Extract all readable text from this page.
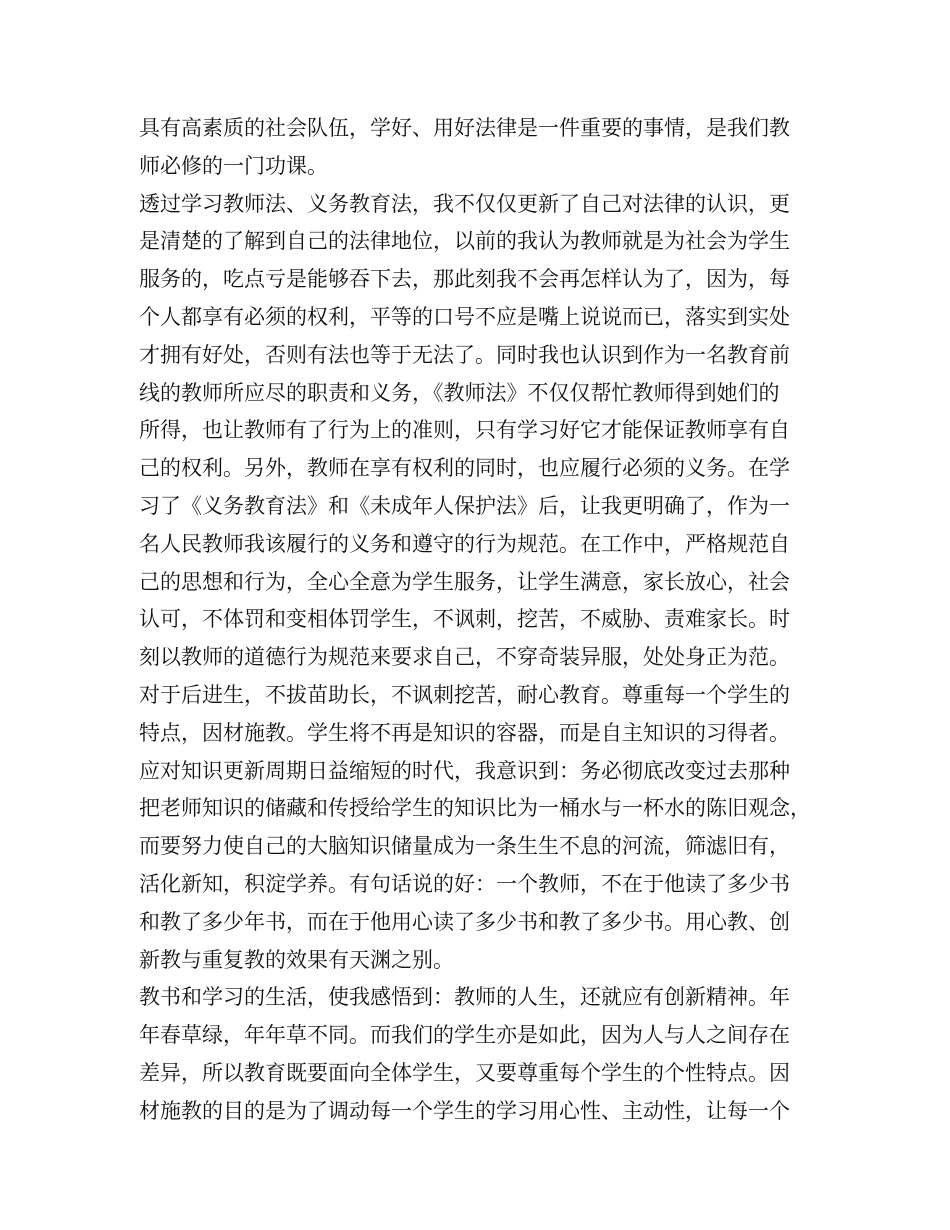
具有高素质的社会队伍，学好、用好法律是一件重要的事情，是我们教
师必修的一门功课。
透过学习教师法、义务教育法，我不仅仅更新了自己对法律的认识，更
是清楚的了解到自己的法律地位，以前的我认为教师就是为社会为学生
服务的，吃点亏是能够吞下去，那此刻我不会再怎样认为了，因为，每
个人都享有必须的权利，平等的口号不应是嘴上说说而已，落实到实处
才拥有好处，否则有法也等于无法了。同时我也认识到作为一名教育前
线的教师所应尽的职责和义务，《教师法》不仅仅帮忙教师得到她们的
所得，也让教师有了行为上的准则，只有学习好它才能保证教师享有自
己的权利。另外，教师在享有权利的同时，也应履行必须的义务。在学
习了《义务教育法》和《未成年人保护法》后，让我更明确了，作为一
名人民教师我该履行的义务和遵守的行为规范。在工作中，严格规范自
己的思想和行为，全心全意为学生服务，让学生满意，家长放心，社会
认可，不体罚和变相体罚学生，不讽刺，挖苦，不威胁、责难家长。时
刻以教师的道德行为规范来要求自己，不穿奇装异服，处处身正为范。
对于后进生，不拔苗助长，不讽刺挖苦，耐心教育。尊重每一个学生的
特点，因材施教。学生将不再是知识的容器，而是自主知识的习得者。
应对知识更新周期日益缩短的时代，我意识到：务必彻底改变过去那种
把老师知识的储藏和传授给学生的知识比为一桶水与一杯水的陈旧观念，
而要努力使自己的大脑知识储量成为一条生生不息的河流，筛滤旧有，
活化新知，积淀学养。有句话说的好：一个教师，不在于他读了多少书
和教了多少年书，而在于他用心读了多少书和教了多少书。用心教、创
新教与重复教的效果有天渊之别。
教书和学习的生活，使我感悟到：教师的人生，还就应有创新精神。年
年春草绿，年年草不同。而我们的学生亦是如此，因为人与人之间存在
差异，所以教育既要面向全体学生，又要尊重每个学生的个性特点。因
材施教的目的是为了调动每一个学生的学习用心性、主动性，让每一个
